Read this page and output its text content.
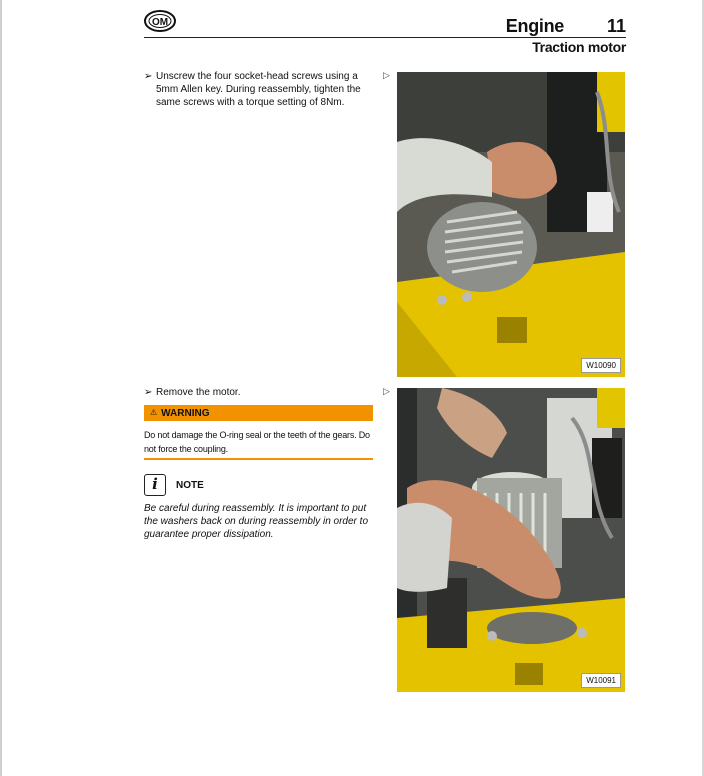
OM	Engine 11
Traction motor
➢ Unscrew the four socket-head screws using a 5mm Allen key. During reassembly, tighten the same screws with a torque setting of 8Nm.
▷
W10090
➢ Remove the motor.	▷
⚠ WARNING
Do not damage the O-ring seal or the teeth of the gears. Do not force the coupling.
i	NOTE
Be careful during reassembly. It is important to put the washers back on during reassembly in order to guarantee proper dissipation.
W10091
